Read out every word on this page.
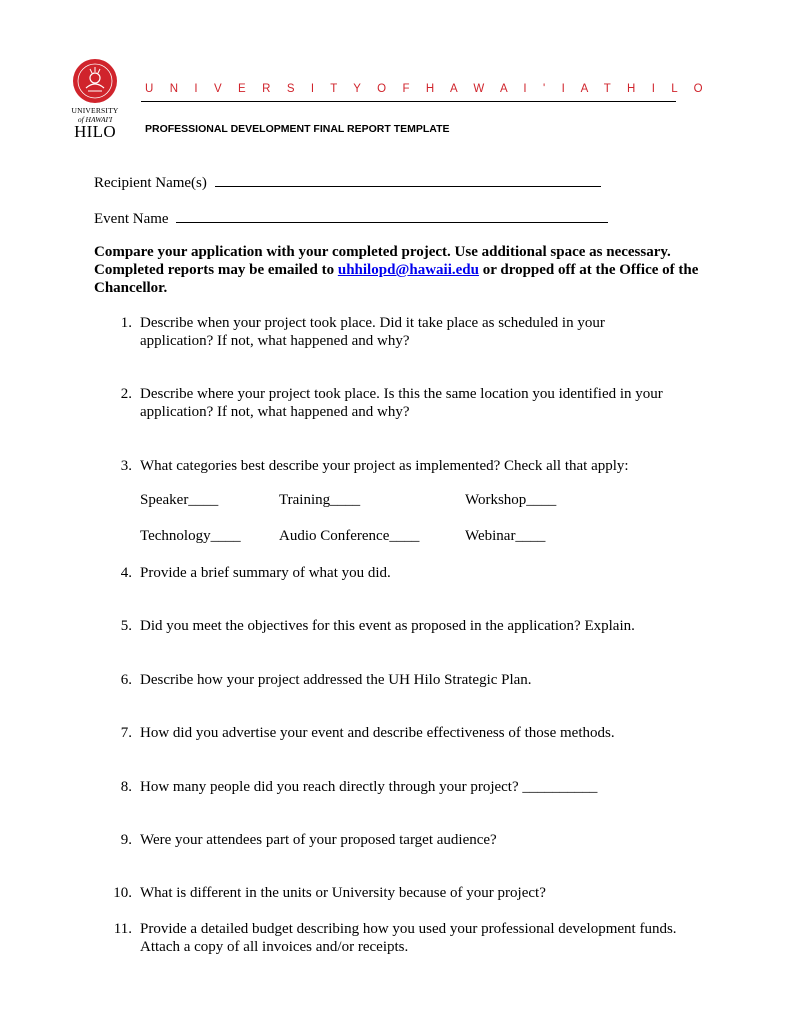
UNIVERSITY
of HAWAI'I
HILO
U N I V E R S I T Y O F H A W A I ' I A T H I L O
PROFESSIONAL DEVELOPMENT FINAL REPORT TEMPLATE
Recipient Name(s)
Event Name
Compare your application with your completed project. Use additional space as necessary. Completed reports may be emailed to uhhilopd@hawaii.edu or dropped off at the Office of the Chancellor.
1. Describe when your project took place. Did it take place as scheduled in your application? If not, what happened and why?
2. Describe where your project took place. Is this the same location you identified in your application? If not, what happened and why?
3. What categories best describe your project as implemented? Check all that apply:
Speaker____	Training____	Workshop____
Technology____	Audio Conference____	Webinar____
4. Provide a brief summary of what you did.
5. Did you meet the objectives for this event as proposed in the application? Explain.
6. Describe how your project addressed the UH Hilo Strategic Plan.
7. How did you advertise your event and describe effectiveness of those methods.
8. How many people did you reach directly through your project? __________
9. Were your attendees part of your proposed target audience?
10. What is different in the units or University because of your project?
11. Provide a detailed budget describing how you used your professional development funds. Attach a copy of all invoices and/or receipts.
